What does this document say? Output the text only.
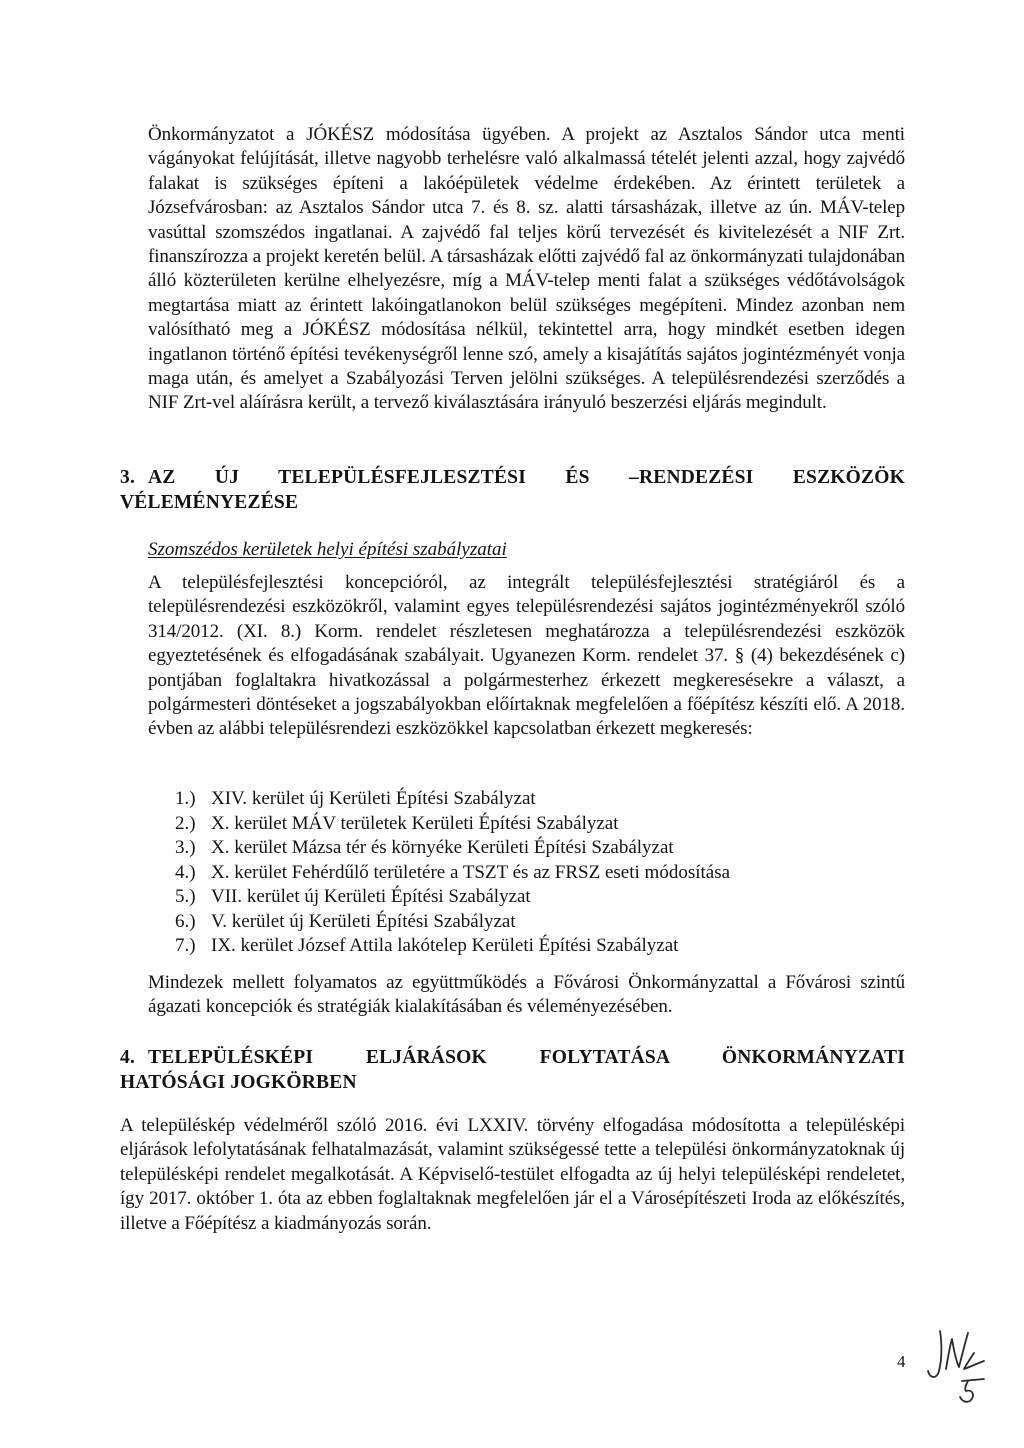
Önkormányzatot a JÓKÉSZ módosítása ügyében. A projekt az Asztalos Sándor utca menti vágányokat felújítását, illetve nagyobb terhelésre való alkalmassá tételét jelenti azzal, hogy zajvédő falakat is szükséges építeni a lakóépületek védelme érdekében. Az érintett területek a Józsefvárosban: az Asztalos Sándor utca 7. és 8. sz. alatti társasházak, illetve az ún. MÁV-telep vasúttal szomszédos ingatlanai. A zajvédő fal teljes körű tervezését és kivitelezését a NIF Zrt. finanszírozza a projekt keretén belül. A társasházak előtti zajvédő fal az önkormányzati tulajdonában álló közterületen kerülne elhelyezésre, míg a MÁV-telep menti falat a szükséges védőtávolságok megtartása miatt az érintett lakóingatlanokon belül szükséges megépíteni. Mindez azonban nem valósítható meg a JÓKÉSZ módosítása nélkül, tekintettel arra, hogy mindkét esetben idegen ingatlanon történő építési tevékenységről lenne szó, amely a kisajátítás sajátos jogintézményét vonja maga után, és amelyet a Szabályozási Terven jelölni szükséges. A településrendezési szerződés a NIF Zrt-vel aláírásra került, a tervező kiválasztására irányuló beszerzési eljárás megindult.

3. AZ ÚJ TELEPÜLÉSFEJLESZTÉSI ÉS –RENDEZÉSI ESZKÖZÖK
VÉLEMÉNYEZÉSE

Szomszédos kerületek helyi építési szabályzatai

A településfejlesztési koncepcióról, az integrált településfejlesztési stratégiáról és a településrendezési eszközökről, valamint egyes településrendezési sajátos jogintézményekről szóló 314/2012. (XI. 8.) Korm. rendelet részletesen meghatározza a településrendezési eszközök egyeztetésének és elfogadásának szabályait. Ugyanezen Korm. rendelet 37. § (4) bekezdésének c) pontjában foglaltakra hivatkozással a polgármesterhez érkezett megkeresésekre a választ, a polgármesteri döntéseket a jogszabályokban előírtaknak megfelelően a főépítész készíti elő. A 2018. évben az alábbi településrendezi eszközökkel kapcsolatban érkezett megkeresés:

1.) XIV. kerület új Kerületi Építési Szabályzat
2.) X. kerület MÁV területek Kerületi Építési Szabályzat
3.) X. kerület Mázsa tér és környéke Kerületi Építési Szabályzat
4.) X. kerület Fehérdűlő területére a TSZT és az FRSZ eseti módosítása
5.) VII. kerület új Kerületi Építési Szabályzat
6.) V. kerület új Kerületi Építési Szabályzat
7.) IX. kerület József Attila lakótelep Kerületi Építési Szabályzat

Mindezek mellett folyamatos az együttműködés a Fővárosi Önkormányzattal a Fővárosi szintű ágazati koncepciók és stratégiák kialakításában és véleményezésében.

4. TELEPÜLÉSKÉPI ELJÁRÁSOK FOLYTATÁSA ÖNKORMÁNYZATI
HATÓSÁGI JOGKÖRBEN

A településkép védelméről szóló 2016. évi LXXIV. törvény elfogadása módosította a településképi eljárások lefolytatásának felhatalmazását, valamint szükségessé tette a települési önkormányzatoknak új településképi rendelet megalkotását. A Képviselő-testület elfogadta az új helyi településképi rendeletet, így 2017. október 1. óta az ebben foglaltaknak megfelelően jár el a Városépítészeti Iroda az előkészítés, illetve a Főépítész a kiadmányozás során.

4
